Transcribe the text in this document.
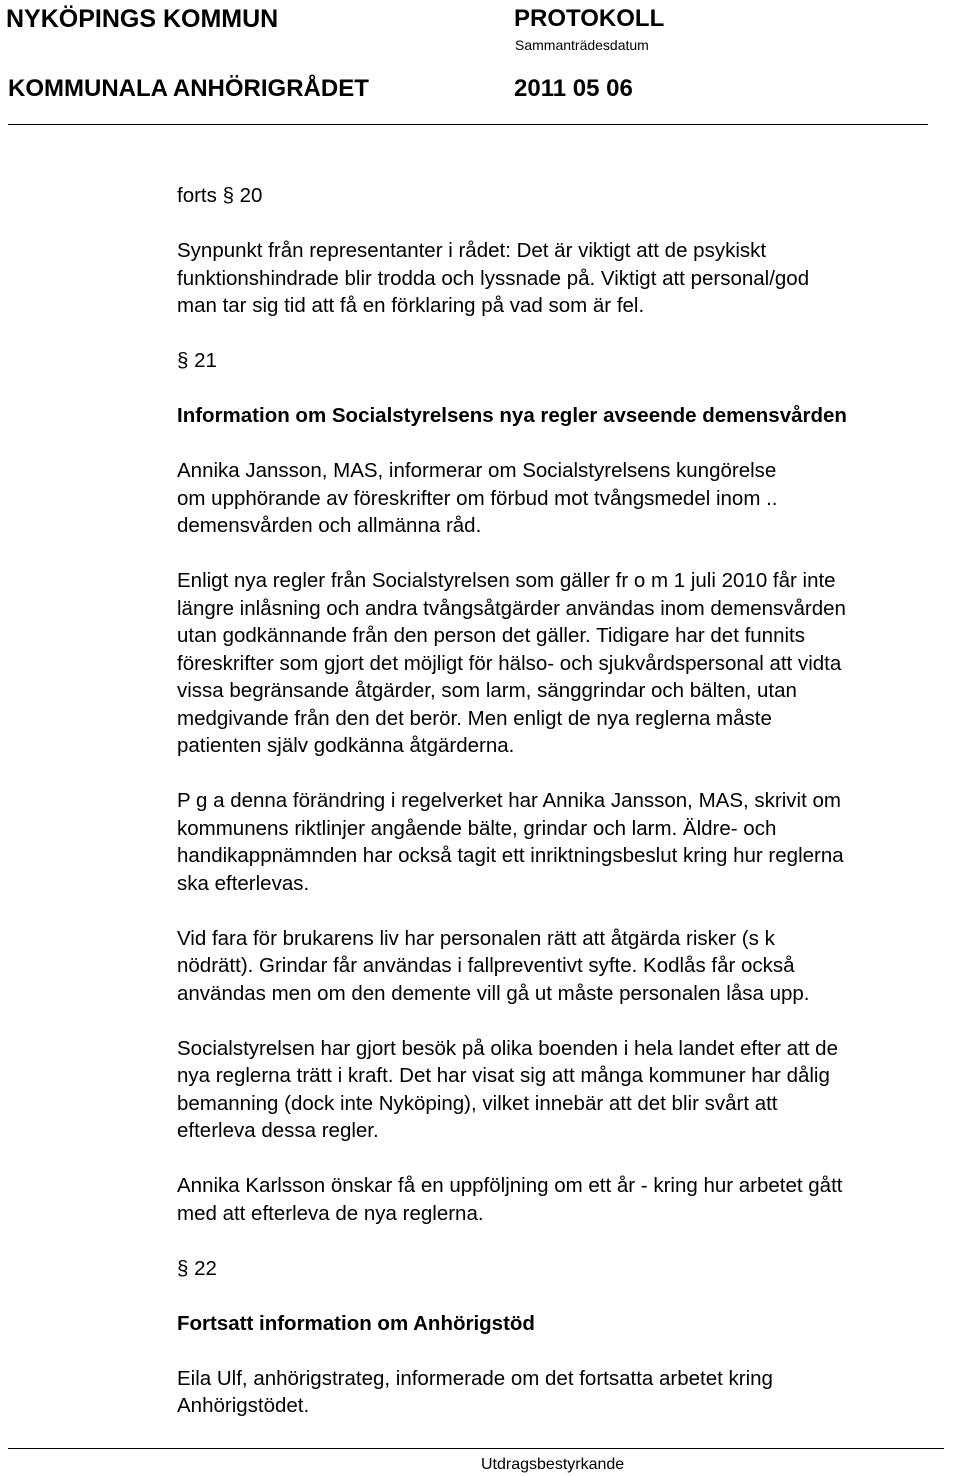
NYKÖPINGS KOMMUN	PROTOKOLL
Sammanträdesdatum
KOMMUNALA ANHÖRIGRÅDET	2011 05 06

forts § 20

Synpunkt från representanter i rådet: Det är viktigt att de psykiskt

funktionshindrade blir trodda och lyssnade på. Viktigt att personal/god

man tar sig tid att få en förklaring på vad som är fel.

§ 21

Information om Socialstyrelsens nya regler avseende demensvården

Annika Jansson, MAS, informerar om Socialstyrelsens kungörelse

om upphörande av föreskrifter om förbud mot tvångsmedel inom ..

demensvården och allmänna råd.

Enligt nya regler från Socialstyrelsen som gäller fr o m 1 juli 2010 får inte

längre inlåsning och andra tvångsåtgärder användas inom demensvården

utan godkännande från den person det gäller. Tidigare har det funnits

föreskrifter som gjort det möjligt för hälso- och sjukvårdspersonal att vidta

vissa begränsande åtgärder, som larm, sänggrindar och bälten, utan

medgivande från den det berör. Men enligt de nya reglerna måste

patienten själv godkänna åtgärderna.

P g a denna förändring i regelverket har Annika Jansson, MAS, skrivit om

kommunens riktlinjer angående bälte, grindar och larm. Äldre- och

handikappnämnden har också tagit ett inriktningsbeslut kring hur reglerna

ska efterlevas.

Vid fara för brukarens liv har personalen rätt att åtgärda risker (s k

nödrätt). Grindar får användas i fallpreventivt syfte. Kodlås får också

användas men om den demente vill gå ut måste personalen låsa upp.

Socialstyrelsen har gjort besök på olika boenden i hela landet efter att de

nya reglerna trätt i kraft. Det har visat sig att många kommuner har dålig

bemanning (dock inte Nyköping), vilket innebär att det blir svårt att

efterleva dessa regler.

Annika Karlsson önskar få en uppföljning om ett år - kring hur arbetet gått

med att efterleva de nya reglerna.

§ 22

Fortsatt information om Anhörigstöd

Eila Ulf, anhörigstrateg, informerade om det fortsatta arbetet kring

Anhörigstödet.

Utdragsbestyrkande
